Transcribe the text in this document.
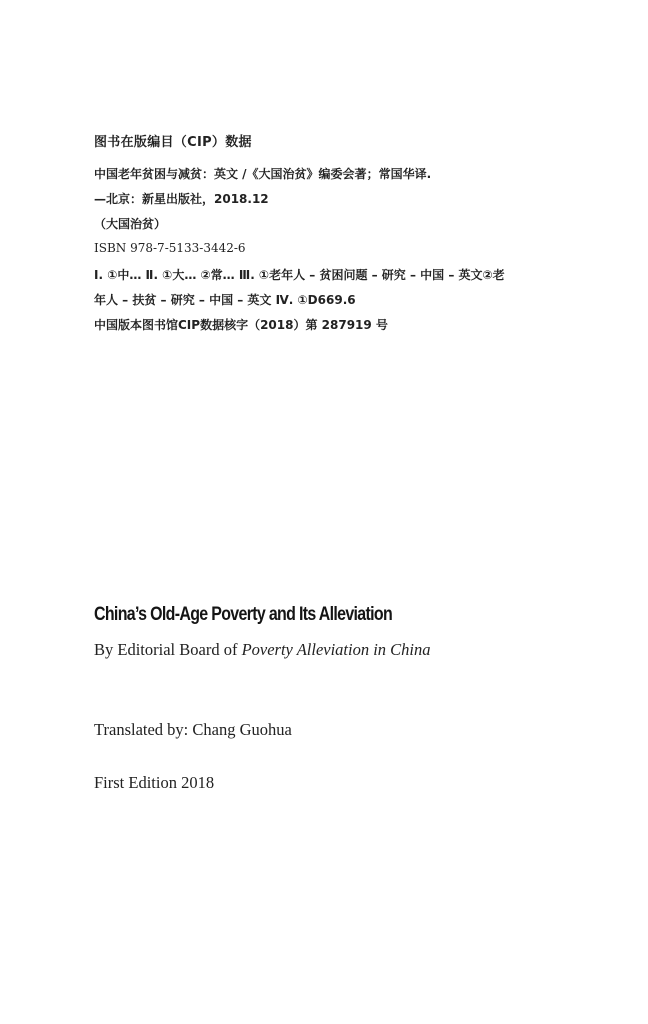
图书在版编目（CIP）数据
中国老年贫困与减贫：英文 /《大国治贫》编委会著；常国华译.
—北京：新星出版社，2018.12
（大国治贫）
ISBN 978-7-5133-3442-6
Ⅰ. ①中… Ⅱ. ①大… ②常… Ⅲ. ①老年人 – 贫困问题 – 研究 – 中国 – 英文②老
年人 – 扶贫 – 研究 – 中国 – 英文 Ⅳ. ①D669.6
中国版本图书馆CIP数据核字（2018）第 287919 号
China’s Old-Age Poverty and Its Alleviation
By Editorial Board of Poverty Alleviation in China
Translated by: Chang Guohua
First Edition 2018
